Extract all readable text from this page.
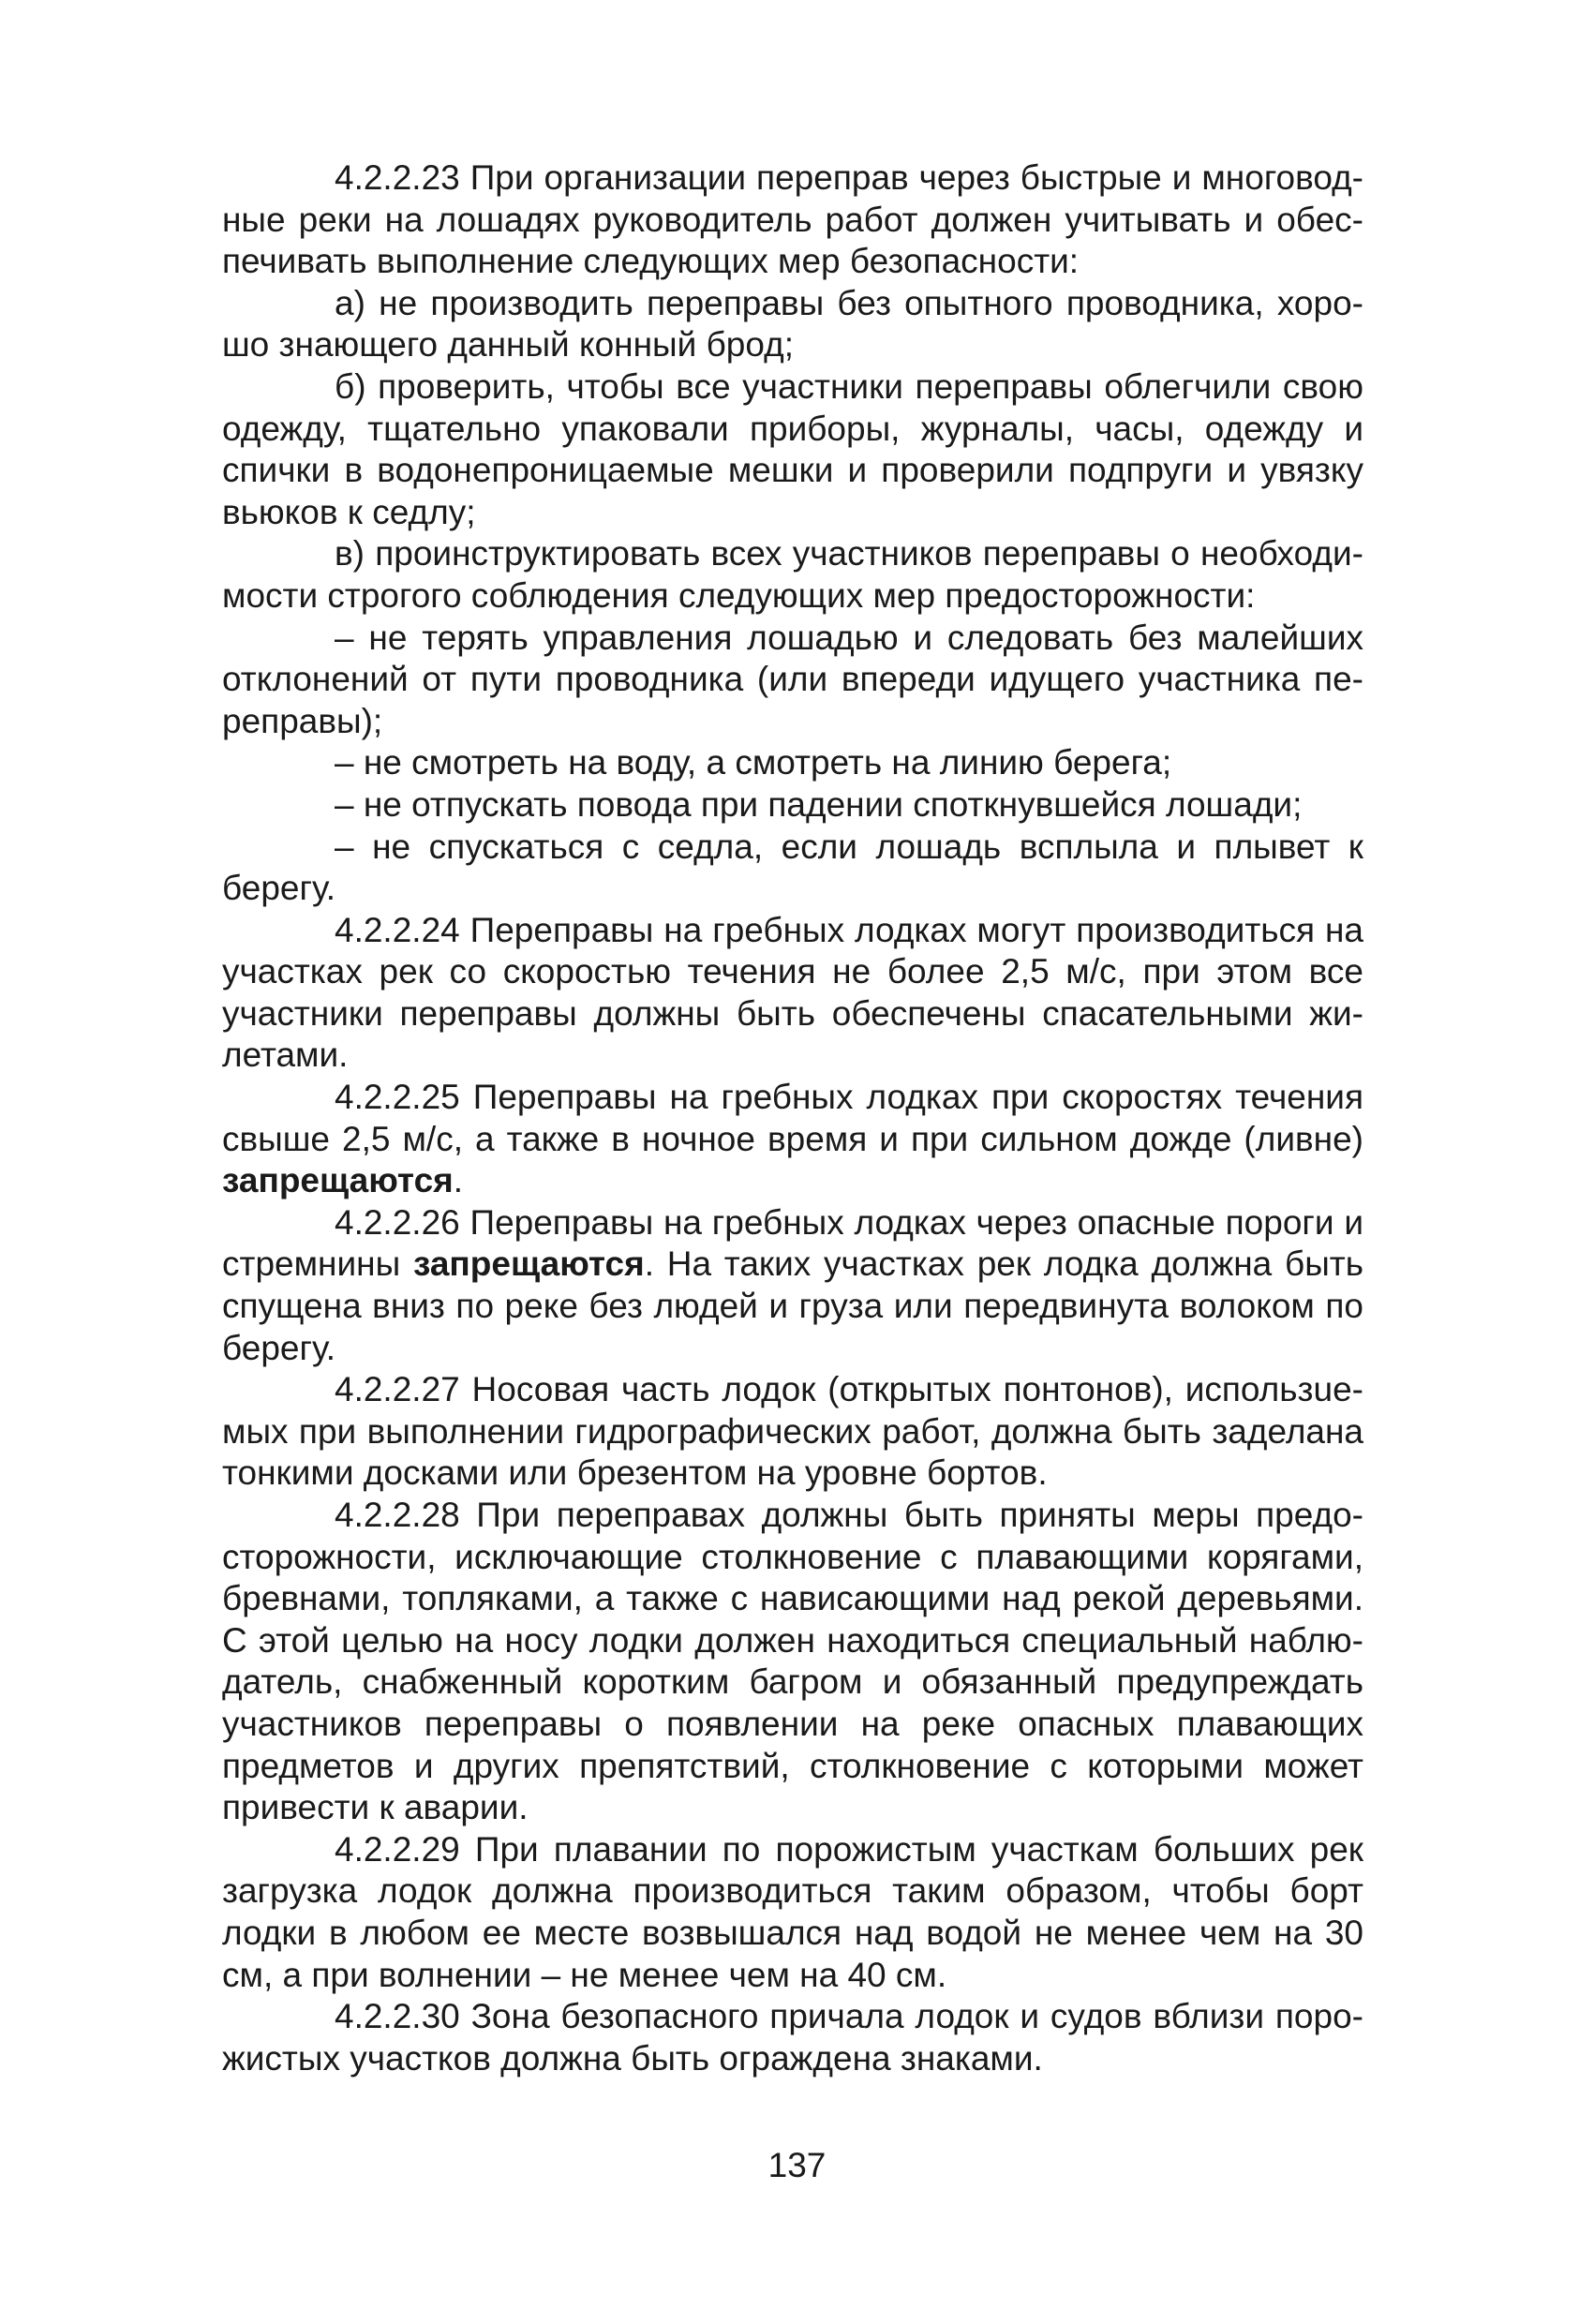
4.2.2.23 При организации переправ через быстрые и многоводные реки на лошадях руководитель работ должен учитывать и обеспечивать выполнение следующих мер безопасности:

а) не производить переправы без опытного проводника, хорошо знающего данный конный брод;

б) проверить, чтобы все участники переправы облегчили свою одежду, тщательно упаковали приборы, журналы, часы, одежду и спички в водонепроницаемые мешки и проверили подпруги и увязку вьюков к седлу;

в) проинструктировать всех участников переправы о необходимости строгого соблюдения следующих мер предосторожности:

– не терять управления лошадью и следовать без малейших отклонений от пути проводника (или впереди идущего участника переправы);

– не смотреть на воду, а смотреть на линию берега;

– не отпускать повода при падении споткнувшейся лошади;

– не спускаться с седла, если лошадь всплыла и плывет к берегу.

4.2.2.24 Переправы на гребных лодках могут производиться на участках рек со скоростью течения не более 2,5 м/с, при этом все участники переправы должны быть обеспечены спасательными жилетами.

4.2.2.25 Переправы на гребных лодках при скоростях течения свыше 2,5 м/с, а также в ночное время и при сильном дожде (ливне) запрещаются.

4.2.2.26 Переправы на гребных лодках через опасные пороги и стремнины запрещаются. На таких участках рек лодка должна быть спущена вниз по реке без людей и груза или передвинута волоком по берегу.

4.2.2.27 Носовая часть лодок (открытых понтонов), использueмых при выполнении гидрографических работ, должна быть заделана тонкими досками или брезентом на уровне бортов.

4.2.2.28 При переправах должны быть приняты меры предосторожности, исключающие столкновение с плавающими корягами, бревнами, топляками, а также с нависающими над рекой деревьями. С этой целью на носу лодки должен находиться специальный наблюдатель, снабженный коротким багром и обязанный предупреждать участников переправы о появлении на реке опасных плавающих предметов и других препятствий, столкновение с которыми может привести к аварии.

4.2.2.29 При плавании по порожистым участкам больших рек загрузка лодок должна производиться таким образом, чтобы борт лодки в любом ее месте возвышался над водой не менее чем на 30 см, а при волнении – не менее чем на 40 см.

4.2.2.30 Зона безопасного причала лодок и судов вблизи порожистых участков должна быть ограждена знаками.

137
